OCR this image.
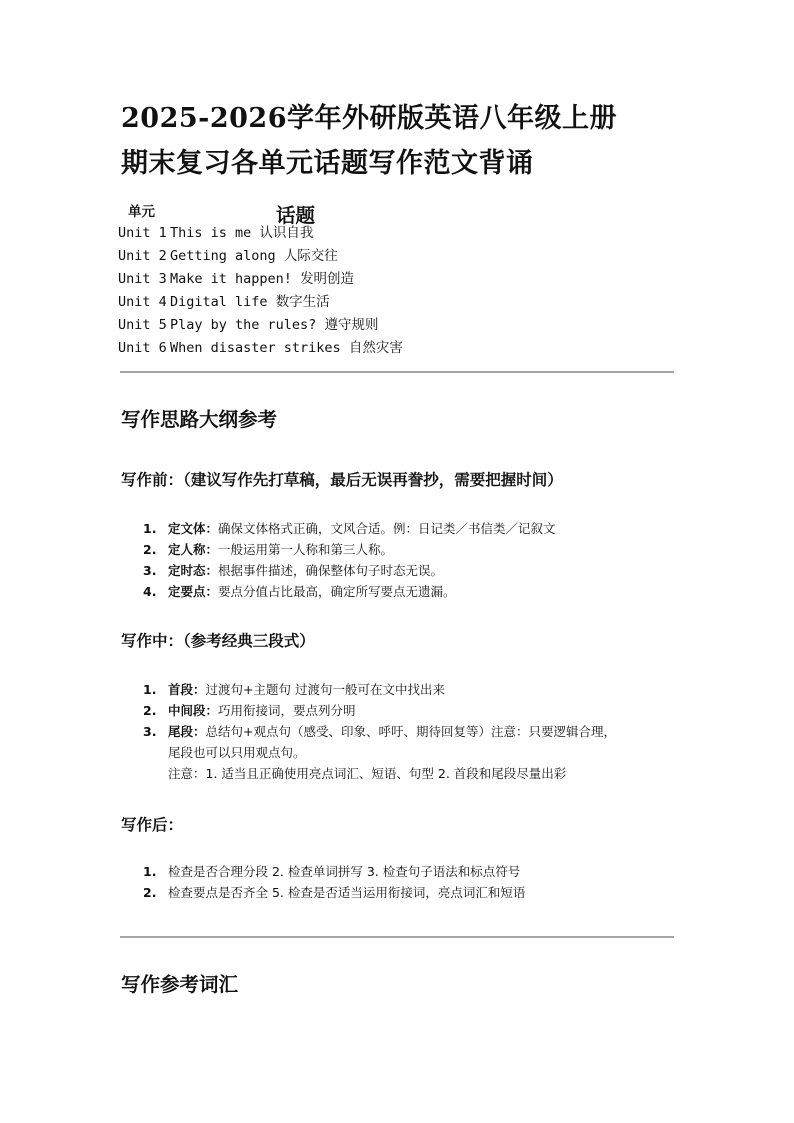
2025-2026学年外研版英语八年级上册
期末复习各单元话题写作范文背诵
单元	话题
Unit 1 This is me 认识自我
Unit 2 Getting along 人际交往
Unit 3 Make it happen! 发明创造
Unit 4 Digital life 数字生活
Unit 5 Play by the rules? 遵守规则
Unit 6 When disaster strikes 自然灾害
写作思路大纲参考
写作前：（建议写作先打草稿，最后无误再誊抄，需要把握时间）
1. 定文体：确保文体格式正确，文风合适。例：日记类／书信类／记叙文
2. 定人称：一般运用第一人称和第三人称。
3. 定时态：根据事件描述，确保整体句子时态无误。
4. 定要点：要点分值占比最高，确定所写要点无遗漏。
写作中：（参考经典三段式）
1. 首段：过渡句+主题句 过渡句一般可在文中找出来
2. 中间段：巧用衔接词，要点列分明
3. 尾段：总结句+观点句（感受、印象、呼吁、期待回复等）注意：只要逻辑合理，
尾段也可以只用观点句。
注意：1. 适当且正确使用亮点词汇、短语、句型 2. 首段和尾段尽量出彩
写作后：
1. 检查是否合理分段 2. 检查单词拼写 3. 检查句子语法和标点符号
2. 检查要点是否齐全 5. 检查是否适当运用衔接词，亮点词汇和短语
写作参考词汇
